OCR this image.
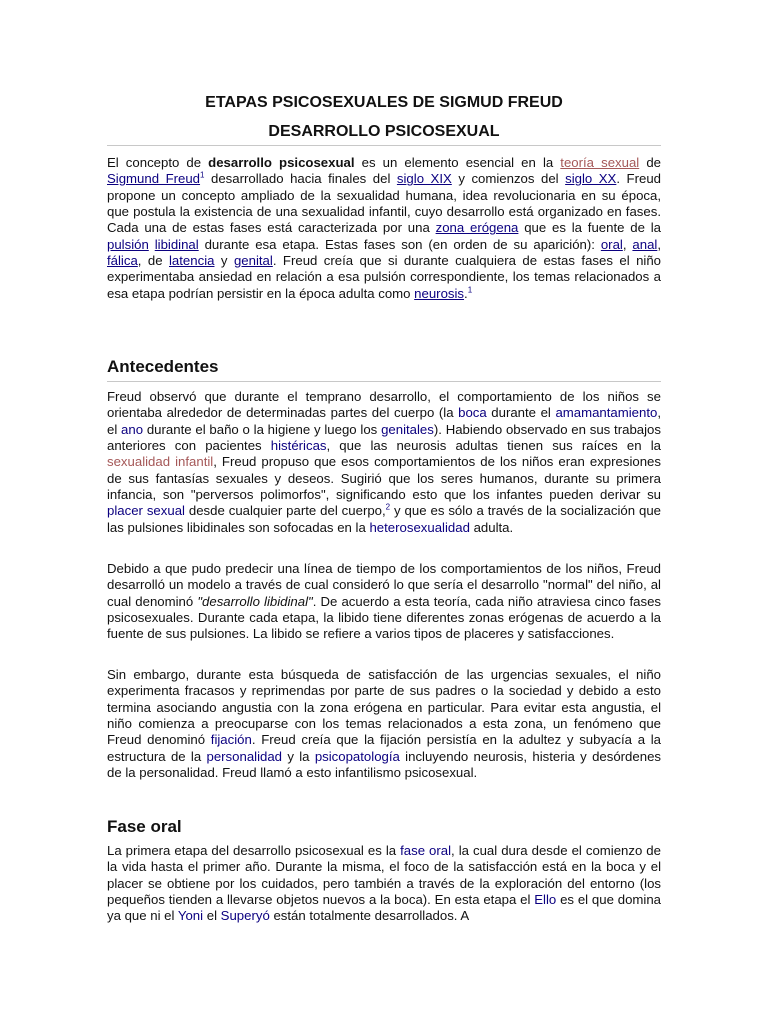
ETAPAS PSICOSEXUALES DE SIGMUD FREUD
DESARROLLO PSICOSEXUAL

El concepto de desarrollo psicosexual es un elemento esencial en la teoría sexual de Sigmund Freud$^1$ desarrollado hacia finales del siglo XIX y comienzos del siglo XX. Freud propone un concepto ampliado de la sexualidad humana, idea revolucionaria en su época, que postula la existencia de una sexualidad infantil, cuyo desarrollo está organizado en fases. Cada una de estas fases está caracterizada por una zona erógena que es la fuente de la pulsión libidinal durante esa etapa. Estas fases son (en orden de su aparición): oral, anal, fálica, de latencia y genital. Freud creía que si durante cualquiera de estas fases el niño experimentaba ansiedad en relación a esa pulsión correspondiente, los temas relacionados a esa etapa podrían persistir en la época adulta como neurosis.$^1$

Antecedentes

Freud observó que durante el temprano desarrollo, el comportamiento de los niños se orientaba alrededor de determinadas partes del cuerpo (la boca durante el amamantamiento, el ano durante el baño o la higiene y luego los genitales). Habiendo observado en sus trabajos anteriores con pacientes histéricas, que las neurosis adultas tienen sus raíces en la sexualidad infantil, Freud propuso que esos comportamientos de los niños eran expresiones de sus fantasías sexuales y deseos. Sugirió que los seres humanos, durante su primera infancia, son "perversos polimorfos", significando esto que los infantes pueden derivar su placer sexual desde cualquier parte del cuerpo,$^2$ y que es sólo a través de la socialización que las pulsiones libidinales son sofocadas en la heterosexualidad adulta.

Debido a que pudo predecir una línea de tiempo de los comportamientos de los niños, Freud desarrolló un modelo a través de cual consideró lo que sería el desarrollo "normal" del niño, al cual denominó "desarrollo libidinal". De acuerdo a esta teoría, cada niño atraviesa cinco fases psicosexuales. Durante cada etapa, la libido tiene diferentes zonas erógenas de acuerdo a la fuente de sus pulsiones. La libido se refiere a varios tipos de placeres y satisfacciones.

Sin embargo, durante esta búsqueda de satisfacción de las urgencias sexuales, el niño experimenta fracasos y reprimendas por parte de sus padres o la sociedad y debido a esto termina asociando angustia con la zona erógena en particular. Para evitar esta angustia, el niño comienza a preocuparse con los temas relacionados a esta zona, un fenómeno que Freud denominó fijación. Freud creía que la fijación persistía en la adultez y subyacía a la estructura de la personalidad y la psicopatología incluyendo neurosis, histeria y desórdenes de la personalidad. Freud llamó a esto infantilismo psicosexual.

Fase oral

La primera etapa del desarrollo psicosexual es la fase oral, la cual dura desde el comienzo de la vida hasta el primer año. Durante la misma, el foco de la satisfacción está en la boca y el placer se obtiene por los cuidados, pero también a través de la exploración del entorno (los pequeños tienden a llevarse objetos nuevos a la boca). En esta etapa el Ello es el que domina ya que ni el Yoni el Superyó están totalmente desarrollados. A
